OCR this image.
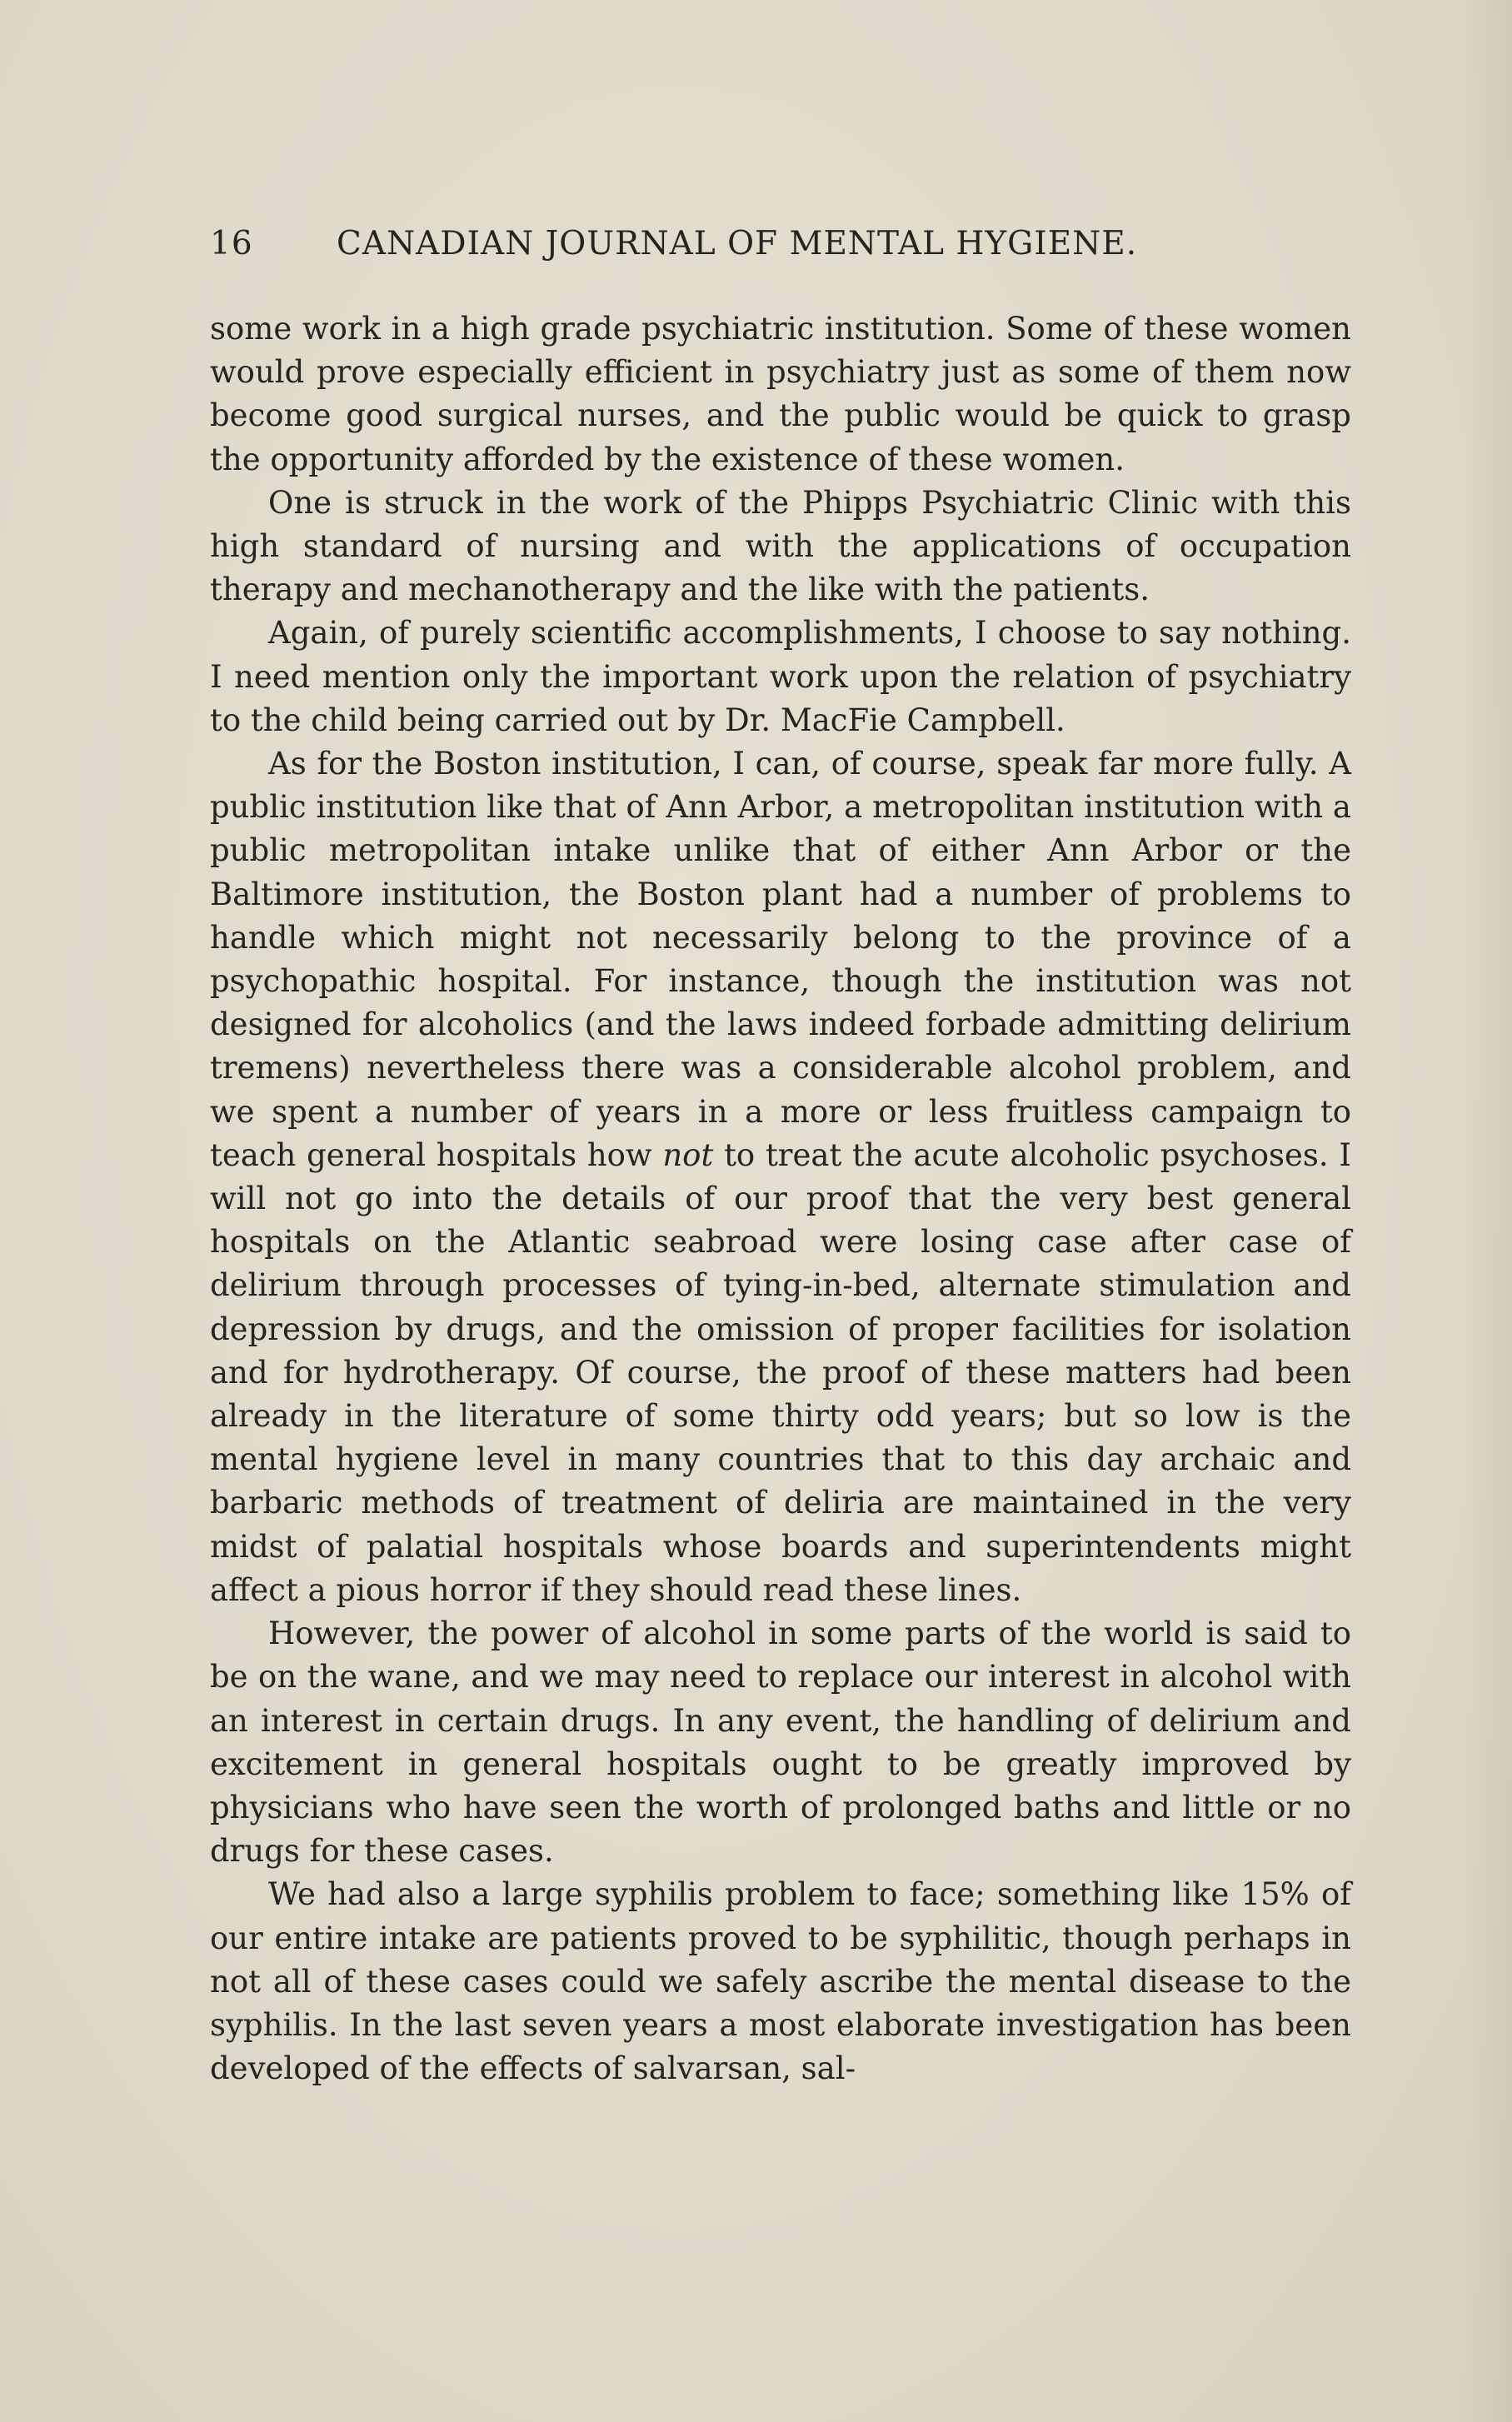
16	CANADIAN JOURNAL OF MENTAL HYGIENE.

some work in a high grade psychiatric institution. Some of these women would prove especially efficient in psychiatry just as some of them now become good surgical nurses, and the public would be quick to grasp the opportunity afforded by the existence of these women.

One is struck in the work of the Phipps Psychiatric Clinic with this high standard of nursing and with the applications of occupation therapy and mechanotherapy and the like with the patients.

Again, of purely scientific accomplishments, I choose to say nothing. I need mention only the important work upon the relation of psychiatry to the child being carried out by Dr. MacFie Campbell.

As for the Boston institution, I can, of course, speak far more fully. A public institution like that of Ann Arbor, a metropolitan institution with a public metropolitan intake unlike that of either Ann Arbor or the Baltimore institution, the Boston plant had a number of problems to handle which might not necessarily belong to the province of a psychopathic hospital. For instance, though the institution was not designed for alcoholics (and the laws indeed forbade admitting delirium tremens) nevertheless there was a considerable alcohol problem, and we spent a number of years in a more or less fruitless campaign to teach general hospitals how not to treat the acute alcoholic psychoses. I will not go into the details of our proof that the very best general hospitals on the Atlantic seabroad were losing case after case of delirium through processes of tying-in-bed, alternate stimulation and depression by drugs, and the omission of proper facilities for isolation and for hydrotherapy. Of course, the proof of these matters had been already in the literature of some thirty odd years; but so low is the mental hygiene level in many countries that to this day archaic and barbaric methods of treatment of deliria are maintained in the very midst of palatial hospitals whose boards and superintendents might affect a pious horror if they should read these lines.

However, the power of alcohol in some parts of the world is said to be on the wane, and we may need to replace our interest in alcohol with an interest in certain drugs. In any event, the handling of delirium and excitement in general hospitals ought to be greatly improved by physicians who have seen the worth of prolonged baths and little or no drugs for these cases.

We had also a large syphilis problem to face; something like 15% of our entire intake are patients proved to be syphilitic, though perhaps in not all of these cases could we safely ascribe the mental disease to the syphilis. In the last seven years a most elaborate investigation has been developed of the effects of salvarsan, sal-
